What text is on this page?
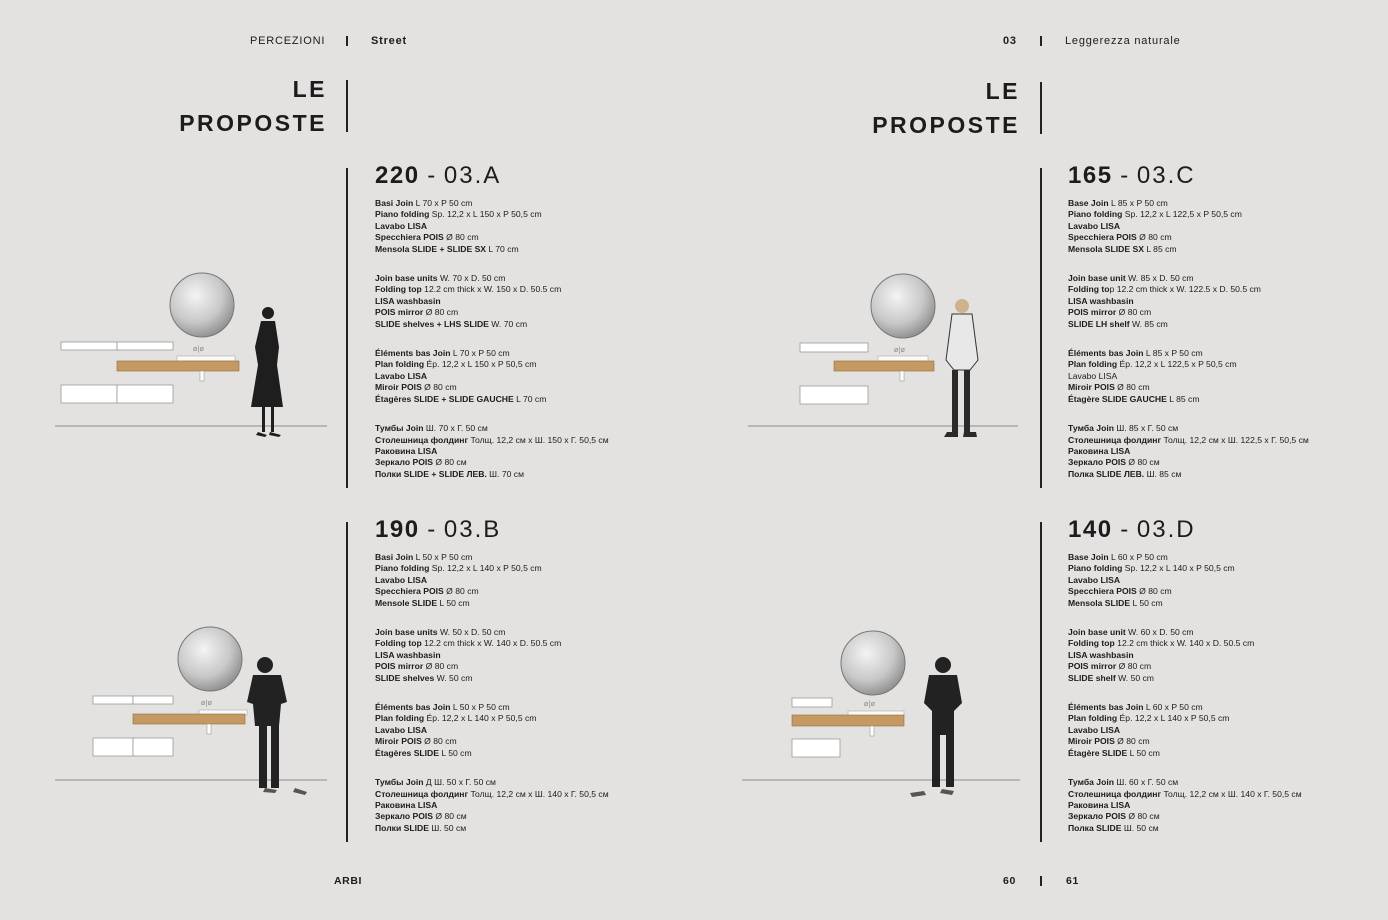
PERCEZIONI	Street	03	Leggerezza naturale
LE
PROPOSTE
LE
PROPOSTE
220 - 03.A
Basi Join L 70 x P 50 cm
Piano folding Sp. 12,2 x L 150 x P 50,5 cm
Lavabo LISA
Specchiera POIS Ø 80 cm
Mensola SLIDE + SLIDE SX L 70 cm
Join base units W. 70 x D. 50 cm
Folding top 12.2 cm thick x W. 150 x D. 50.5 cm
LISA washbasin
POIS mirror Ø 80 cm
SLIDE shelves + LHS SLIDE W. 70 cm
Éléments bas Join L 70 x P 50 cm
Plan folding Ép. 12,2 x L 150 x P 50,5 cm
Lavabo LISA
Miroir POIS Ø 80 cm
Étagères SLIDE + SLIDE GAUCHE L 70 cm
Тумбы Join Ш. 70 х Г. 50 см
Столешница фолдинг Толщ. 12,2 см х Ш. 150 х Г. 50,5 см
Раковина LISA
Зеркало POIS Ø 80 см
Полки SLIDE + SLIDE ЛЕВ. Ш. 70 см
190 - 03.B
Basi Join L 50 x P 50 cm
Piano folding Sp. 12,2 x L 140 x P 50,5 cm
Lavabo LISA
Specchiera POIS Ø 80 cm
Mensole SLIDE L 50 cm
Join base units W. 50 x D. 50 cm
Folding top 12.2 cm thick x W. 140 x D. 50.5 cm
LISA washbasin
POIS mirror Ø 80 cm
SLIDE shelves W. 50 cm
Éléments bas Join L 50 x P 50 cm
Plan folding Ép. 12,2 x L 140 x P 50,5 cm
Lavabo LISA
Miroir POIS Ø 80 cm
Étagères SLIDE L 50 cm
Тумбы Join Д Ш. 50 х Г. 50 см
Столешница фолдинг Толщ. 12,2 см х Ш. 140 х Г. 50,5 см
Раковина LISA
Зеркало POIS Ø 80 см
Полки SLIDE Ш. 50 см
165 - 03.C
Base Join L 85 x P 50 cm
Piano folding Sp. 12,2 x L 122,5 x P 50,5 cm
Lavabo LISA
Specchiera POIS Ø 80 cm
Mensola SLIDE SX L 85 cm
Join base unit W. 85 x D. 50 cm
Folding top 12.2 cm thick x W. 122.5 x D. 50.5 cm
LISA washbasin
POIS mirror Ø 80 cm
SLIDE LH shelf W. 85 cm
Éléments bas Join L 85 x P 50 cm
Plan folding Ép. 12,2 x L 122,5 x P 50,5 cm
Lavabo LISA
Miroir POIS Ø 80 cm
Étagère SLIDE GAUCHE L 85 cm
Тумба Join Ш. 85 х Г. 50 см
Столешница фолдинг Толщ. 12,2 см х Ш. 122,5 х Г. 50,5 см
Раковина LISA
Зеркало POIS Ø 80 см
Полка SLIDE ЛЕВ. Ш. 85 см
140 - 03.D
Base Join L 60 x P 50 cm
Piano folding Sp. 12,2 x L 140 x P 50,5 cm
Lavabo LISA
Specchiera POIS Ø 80 cm
Mensola SLIDE L 50 cm
Join base unit W. 60 x D. 50 cm
Folding top 12.2 cm thick x W. 140 x D. 50.5 cm
LISA washbasin
POIS mirror Ø 80 cm
SLIDE shelf W. 50 cm
Éléments bas Join L 60 x P 50 cm
Plan folding Ép. 12,2 x L 140 x P 50,5 cm
Lavabo LISA
Miroir POIS Ø 80 cm
Étagère SLIDE L 50 cm
Тумба Join Ш. 60 х Г. 50 см
Столешница фолдинг Толщ. 12,2 см х Ш. 140 х Г. 50,5 см
Раковина LISA
Зеркало POIS Ø 80 см
Полка SLIDE Ш. 50 см
ø|ø	ø|ø
ø|ø	ø|ø
ARBI	60	61
